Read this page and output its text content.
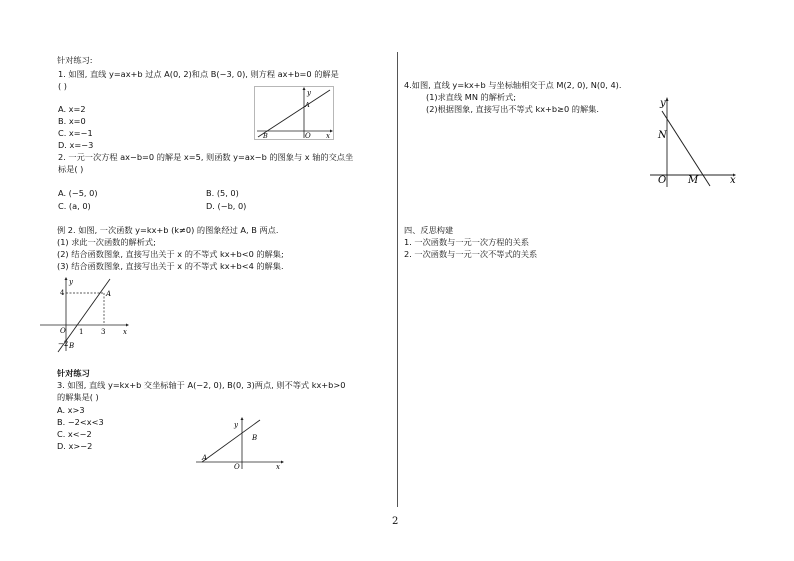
针对练习:
1. 如图, 直线 y=ax+b 过点 A(0, 2)和点 B(−3, 0), 则方程 ax+b=0 的解是
( )
A. x=2
B. x=0
C. x=−1
D. x=−3
2. 一元一次方程 ax−b=0 的解是 x=5, 则函数 y=ax−b 的图象与 x 轴的交点坐
标是( )
A. (−5, 0)	B. (5, 0)
C. (a, 0)	D. (−b, 0)
例 2. 如图, 一次函数 y=kx+b (k≠0) 的图象经过 A, B 两点.
(1) 求此一次函数的解析式;
(2) 结合函数图象, 直接写出关于 x 的不等式 kx+b<0 的解集;
(3) 结合函数图象, 直接写出关于 x 的不等式 kx+b<4 的解集.
针对练习
3. 如图, 直线 y=kx+b 交坐标轴于 A(−2, 0), B(0, 3)两点, 则不等式 kx+b>0
的解集是( )
A. x>3
B. −2<x<3
C. x<−2
D. x>−2
y
x
O
A
B
y
x
O
4
1	3
−2
A
B
y
x
O
A
B
4.如图, 直线 y=kx+b 与坐标轴相交于点 M(2, 0), N(0, 4).
(1)求直线 MN 的解析式;
(2)根据图象, 直接写出不等式 kx+b≥0 的解集.	y
x
O
N
M
四、反思构建
1. 一次函数与一元一次方程的关系
2. 一次函数与一元一次不等式的关系
2
